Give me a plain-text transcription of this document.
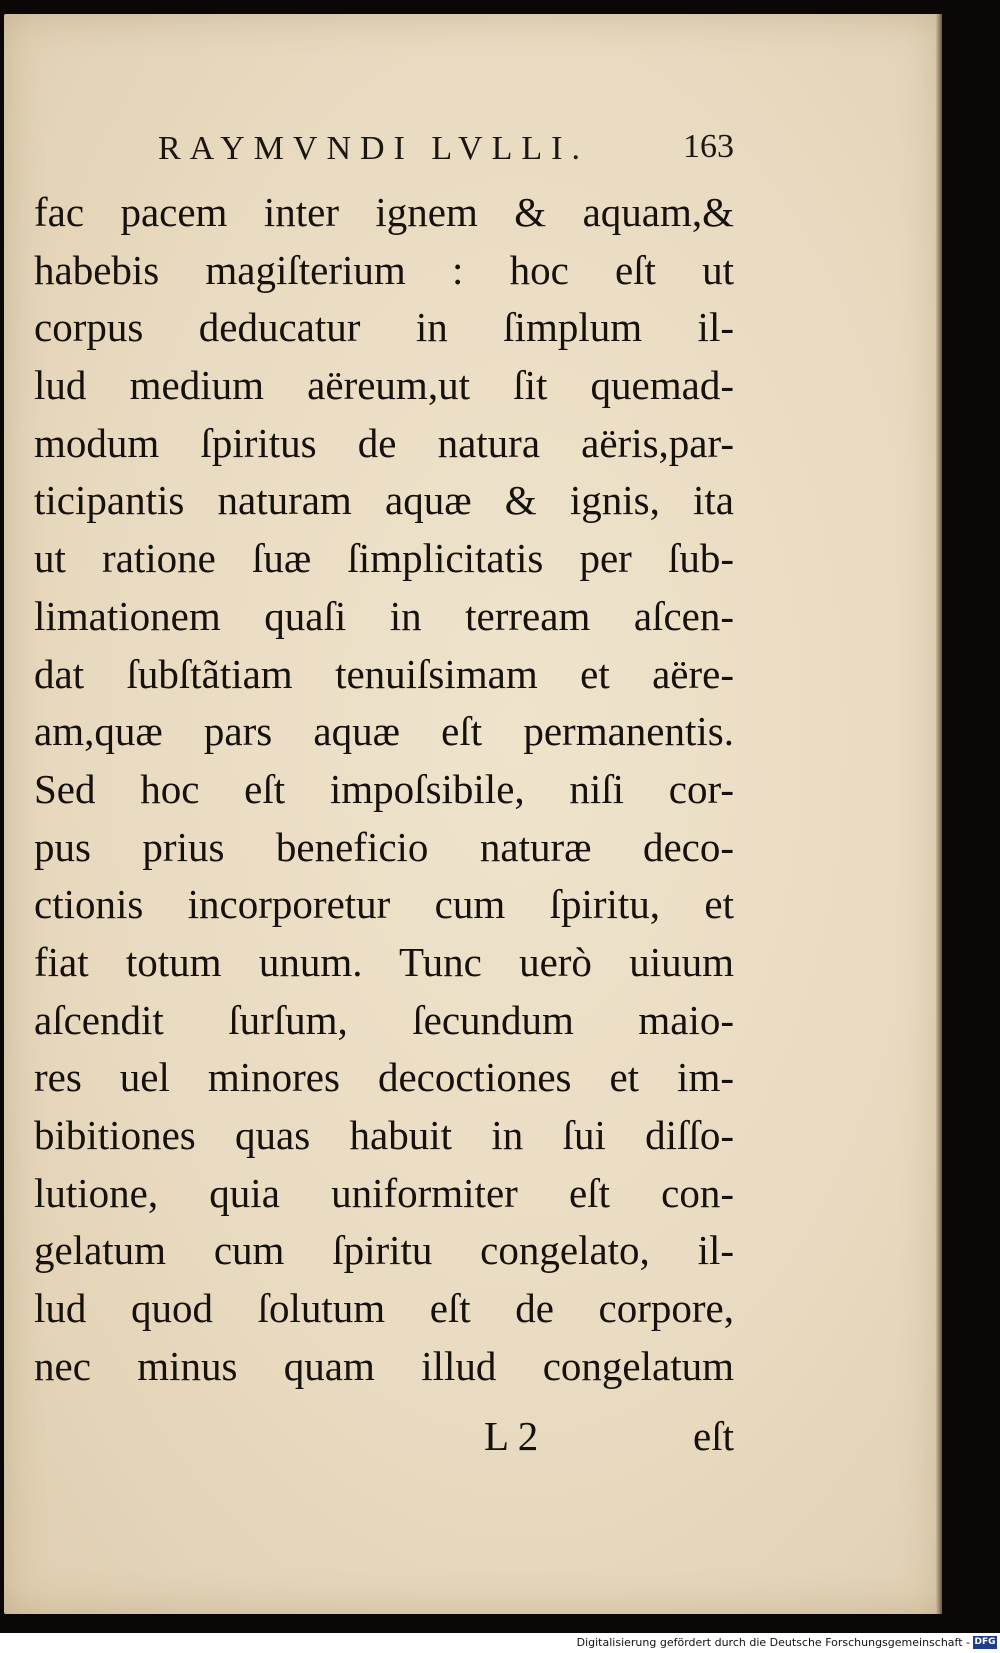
RAYMVNDI LVLLI.	163
fac pacem inter ignem & aquam,&
habebis magiſterium : hoc eſt ut
corpus deducatur in ſimplum il-
lud medium aëreum,ut ſit quemad-
modum ſpiritus de natura aëris,par-
ticipantis naturam aquæ & ignis, ita
ut ratione ſuæ ſimplicitatis per ſub-
limationem quaſi in terream aſcen-
dat ſubſtãtiam tenuiſsimam et aëre-
am,quæ pars aquæ eſt permanentis.
Sed hoc eſt impoſsibile, niſi cor-
pus prius beneficio naturæ deco-
ctionis incorporetur cum ſpiritu, et
fiat totum unum. Tunc uerò uiuum
aſcendit ſurſum, ſecundum maio-
res uel minores decoctiones et im-
bibitiones quas habuit in ſui diſſo-
lutione, quia uniformiter eſt con-
gelatum cum ſpiritu congelato, il-
lud quod ſolutum eſt de corpore,
nec minus quam illud congelatum
L 2	eſt
Digitalisierung gefördert durch die Deutsche Forschungsgemeinschaft - DFG
